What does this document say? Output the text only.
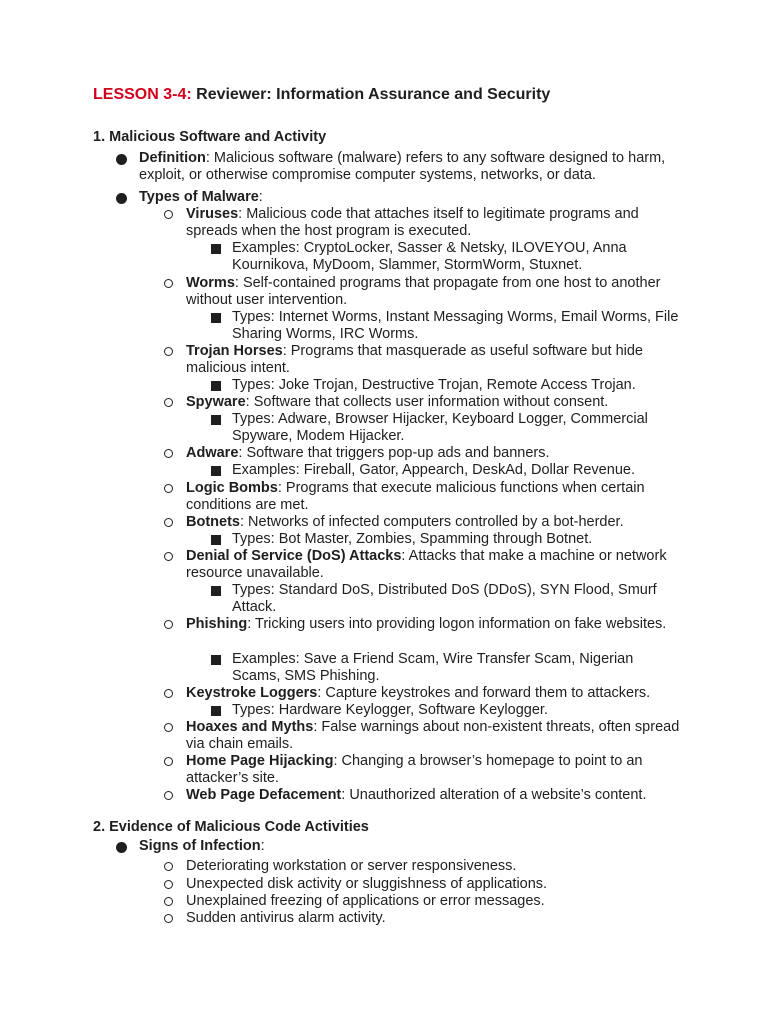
LESSON 3-4: Reviewer: Information Assurance and Security
1. Malicious Software and Activity
Definition: Malicious software (malware) refers to any software designed to harm, exploit, or otherwise compromise computer systems, networks, or data.
Types of Malware:
Viruses: Malicious code that attaches itself to legitimate programs and spreads when the host program is executed.
Examples: CryptoLocker, Sasser & Netsky, ILOVEYOU, Anna Kournikova, MyDoom, Slammer, StormWorm, Stuxnet.
Worms: Self-contained programs that propagate from one host to another without user intervention.
Types: Internet Worms, Instant Messaging Worms, Email Worms, File Sharing Worms, IRC Worms.
Trojan Horses: Programs that masquerade as useful software but hide malicious intent.
Types: Joke Trojan, Destructive Trojan, Remote Access Trojan.
Spyware: Software that collects user information without consent.
Types: Adware, Browser Hijacker, Keyboard Logger, Commercial Spyware, Modem Hijacker.
Adware: Software that triggers pop-up ads and banners.
Examples: Fireball, Gator, Appearch, DeskAd, Dollar Revenue.
Logic Bombs: Programs that execute malicious functions when certain conditions are met.
Botnets: Networks of infected computers controlled by a bot-herder.
Types: Bot Master, Zombies, Spamming through Botnet.
Denial of Service (DoS) Attacks: Attacks that make a machine or network resource unavailable.
Types: Standard DoS, Distributed DoS (DDoS), SYN Flood, Smurf Attack.
Phishing: Tricking users into providing logon information on fake websites.
Examples: Save a Friend Scam, Wire Transfer Scam, Nigerian Scams, SMS Phishing.
Keystroke Loggers: Capture keystrokes and forward them to attackers.
Types: Hardware Keylogger, Software Keylogger.
Hoaxes and Myths: False warnings about non-existent threats, often spread via chain emails.
Home Page Hijacking: Changing a browser’s homepage to point to an attacker’s site.
Web Page Defacement: Unauthorized alteration of a website’s content.
2. Evidence of Malicious Code Activities
Signs of Infection:
Deteriorating workstation or server responsiveness.
Unexpected disk activity or sluggishness of applications.
Unexplained freezing of applications or error messages.
Sudden antivirus alarm activity.
